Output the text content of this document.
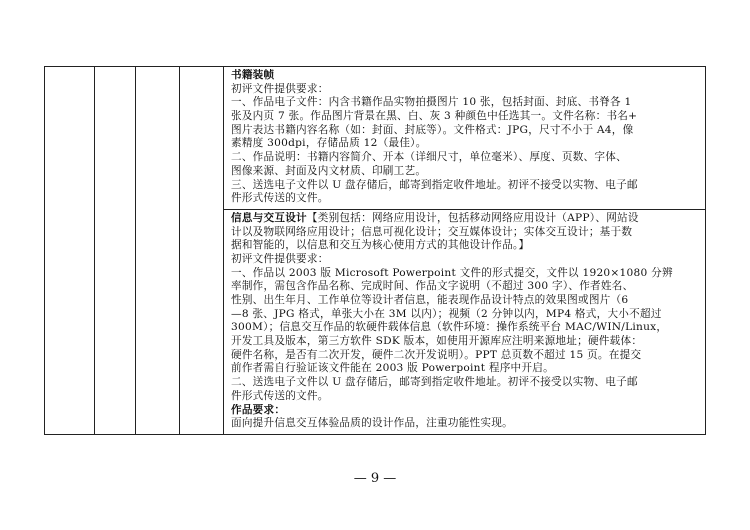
书籍装帧
初评文件提供要求：
一、作品电子文件：内含书籍作品实物拍摄图片 10 张，包括封面、封底、书脊各 1
张及内页 7 张。作品图片背景在黑、白、灰 3 种颜色中任选其一。文件名称：书名+
图片表达书籍内容名称（如：封面、封底等）。文件格式：JPG，尺寸不小于 A4，像
素精度 300dpi，存储品质 12（最佳）。
二、作品说明：书籍内容简介、开本（详细尺寸，单位毫米）、厚度、页数、字体、
图像来源、封面及内文材质、印刷工艺。
三、送选电子文件以 U 盘存储后，邮寄到指定收件地址。初评不接受以实物、电子邮
件形式传送的文件。

信息与交互设计【类别包括：网络应用设计，包括移动网络应用设计（APP）、网站设
计以及物联网络应用设计；信息可视化设计；交互媒体设计；实体交互设计；基于数
据和智能的，以信息和交互为核心使用方式的其他设计作品。】
初评文件提供要求：
一、作品以 2003 版 Microsoft Powerpoint 文件的形式提交，文件以 1920×1080 分辨
率制作，需包含作品名称、完成时间、作品文字说明（不超过 300 字）、作者姓名、
性别、出生年月、工作单位等设计者信息，能表现作品设计特点的效果图或图片（6
—8 张、JPG 格式，单张大小在 3M 以内）；视频（2 分钟以内，MP4 格式，大小不超过
300M）；信息交互作品的软硬件载体信息（软件环境：操作系统平台 MAC/WIN/Linux，
开发工具及版本，第三方软件 SDK 版本，如使用开源库应注明来源地址；硬件载体：
硬件名称，是否有二次开发，硬件二次开发说明）。PPT 总页数不超过 15 页。在提交
前作者需自行验证该文件能在 2003 版 Powerpoint 程序中开启。
二、送选电子文件以 U 盘存储后，邮寄到指定收件地址。初评不接受以实物、电子邮
件形式传送的文件。
作品要求：
面向提升信息交互体验品质的设计作品，注重功能性实现。
— 9 —
